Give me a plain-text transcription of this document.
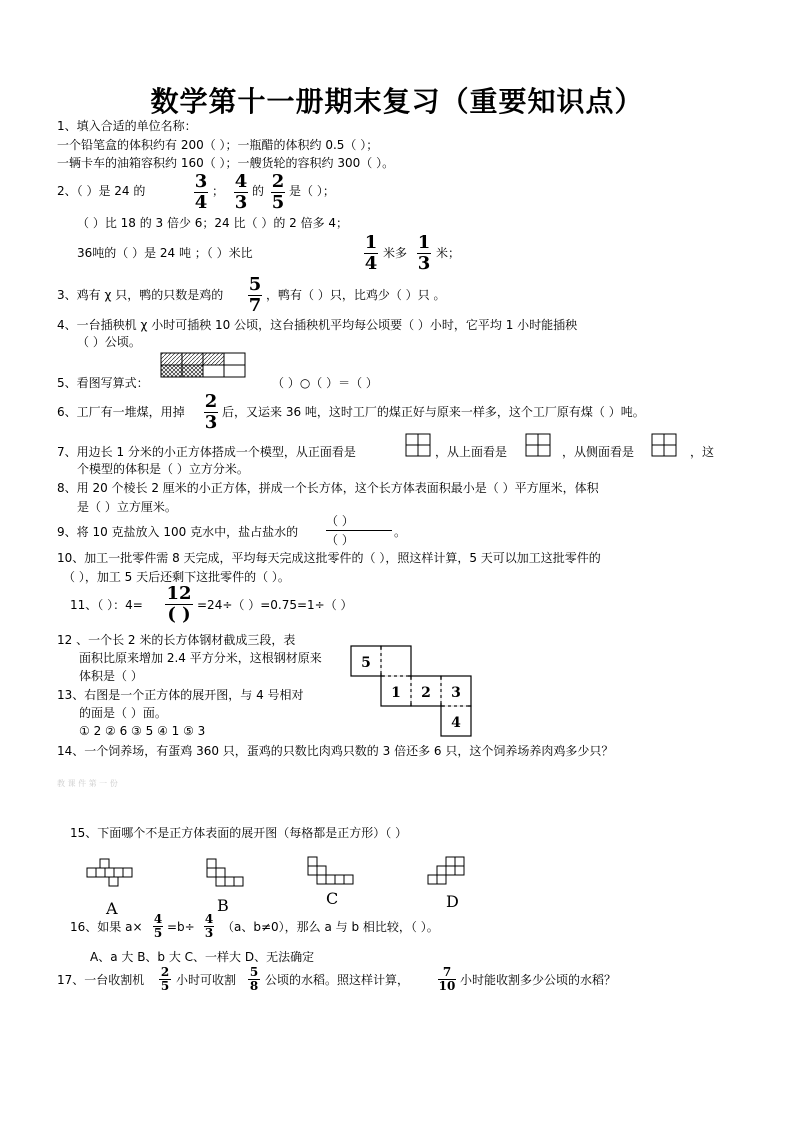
数学第十一册期末复习（重要知识点）
1、填入合适的单位名称：
一个铅笔盒的体积约有 200（ ）；一瓶醋的体积约 0.5（ ）；
一辆卡车的油箱容积约 160（ ）；一艘货轮的容积约 300（ ）。
2、（ ）是 24 的	3
4
； 4
3
的 2
5
是（ ）；
（ ）比 18 的 3 倍少 6；24 比（ ）的 2 倍多 4；
36吨的（ ）是 24 吨 ；（ ）米比	1
4 米多 1
3 米；
3、鸡有 χ 只，鸭的只数是鸡的 5
7 ，鸭有（ ）只，比鸡少（ ）只 。
4、一台插秧机 χ 小时可插秧 10 公顷，这台插秧机平均每公顷要（ ）小时，它平均 1 小时能插秧
（ ）公顷。
5、看图写算式：	（ ）○（ ）＝（ ）
6、工厂有一堆煤，用掉 2
3 后，又运来 36 吨，这时工厂的煤正好与原来一样多，这个工厂原有煤（ ）吨。
7、用边长 1 分米的小正方体搭成一个模型，从正面看是	，从上面看是	，从侧面看是	，这
个模型的体积是（ ）立方分米。
8、用 20 个棱长 2 厘米的小正方体，拼成一个长方体，这个长方体表面积最小是（ ）平方厘米，体积
是（ ）立方厘米。
9、将 10 克盐放入 100 克水中，盐占盐水的
（ ）
（ ）
。
10、加工一批零件需 8 天完成，平均每天完成这批零件的（ ），照这样计算，5 天可以加工这批零件的
（ ），加工 5 天后还剩下这批零件的（ ）。
11、（ ）：4=
12
( ) =24÷（ ）=0.75=1÷（ ）
12 、一个长 2 米的长方体钢材截成三段，表
面积比原来增加 2.4 平方分米，这根钢材原来
体积是（ ）
13、右图是一个正方体的展开图，与 4 号相对
的面是（ ）面。
① 2 ② 6 ③ 5 ④ 1 ⑤ 3
5
1 2 3
4
14、一个饲养场，有蛋鸡 360 只，蛋鸡的只数比肉鸡只数的 3 倍还多 6 只，这个饲养场养肉鸡多少只？
教 课 件 第 一 份
15、下面哪个不是正方体表面的展开图（每格都是正方形）（ ）
A	B	C	D
16、如果 a×
4
5 =b÷
4
3 （a、b≠0），那么 a 与 b 相比较，（ ）。
A、a 大 B、b 大 C、一样大 D、无法确定
17、一台收割机
2
5 小时可收割
5
8 公顷的水稻。照这样计算，
7
10 小时能收割多少公顷的水稻？
